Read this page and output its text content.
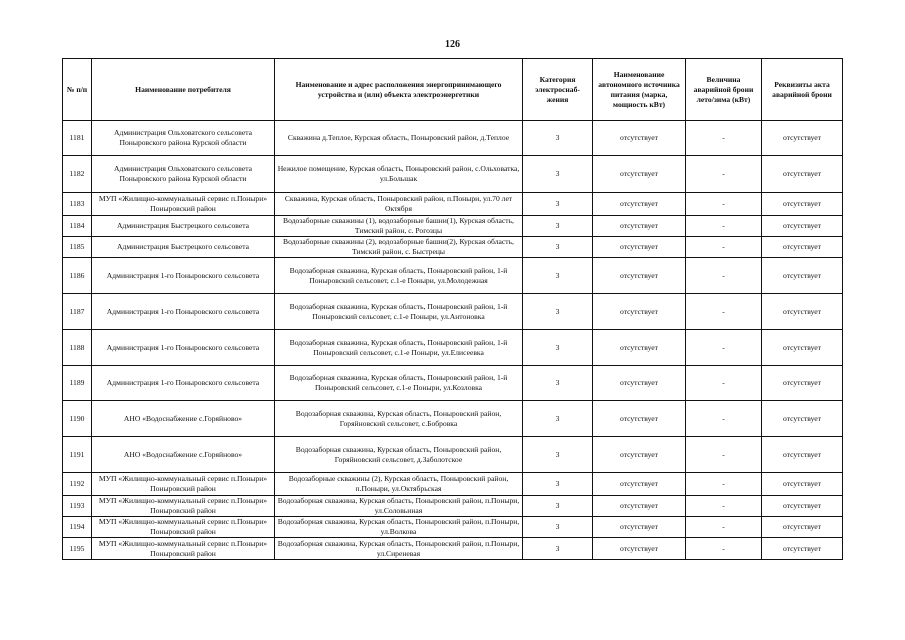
126
№ п/п	Наименование потребителя	Наименование и адрес расположения энергопринимающего устройства и (или) объекта электроэнергетики	Категория электроснаб-жения	Наименование автономного источника питания (марка, мощность кВт)	Величина аварийной брони лето/зима (кВт)	Реквизиты акта аварийной брони
1181	Администрация Ольховатского сельсовета Поныровского района Курской области	Скважина д.Теплое, Курская область, Поныровский район, д.Теплое	3	отсутствует	-	отсутствует
1182	Администрация Ольховатского сельсовета Поныровского района Курской области	Нежилое помещение, Курская область, Поныровский район, с.Ольховатка, ул.Большак	3	отсутствует	-	отсутствует
1183	МУП «Жилищно-коммунальный сервис п.Поныри» Поныровский район	Скважина, Курская область, Поныровский район, п.Поныри, ул.70 лет Октября	3	отсутствует	-	отсутствует
1184	Администрация Быстрецкого сельсовета	Водозаборные скважины (1), водозаборные башни(1), Курская область, Тимский район, с. Рогозцы	3	отсутствует	-	отсутствует
1185	Администрация Быстрецкого сельсовета	Водозаборные скважины (2), водозаборные башни(2), Курская область, Тимский район, с. Быстрецы	3	отсутствует	-	отсутствует
1186	Администрация 1-го Поныровского сельсовета	Водозаборная скважина, Курская область, Поныровский район, 1-й Поныровский сельсовет, с.1-е Поныри, ул.Молодежная	3	отсутствует	-	отсутствует
1187	Администрация 1-го Поныровского сельсовета	Водозаборная скважина, Курская область, Поныровский район, 1-й Поныровский сельсовет, с.1-е Поныри, ул.Антоновка	3	отсутствует	-	отсутствует
1188	Администрация 1-го Поныровского сельсовета	Водозаборная скважина, Курская область, Поныровский район, 1-й Поныровский сельсовет, с.1-е Поныри, ул.Елисеевка	3	отсутствует	-	отсутствует
1189	Администрация 1-го Поныровского сельсовета	Водозаборная скважина, Курская область, Поныровский район, 1-й Поныровский сельсовет, с.1-е Поныри, ул.Козловка	3	отсутствует	-	отсутствует
1190	АНО «Водоснабжение с.Горяйново»	Водозаборная скважина, Курская область, Поныровский район, Горяйновский сельсовет, с.Бобровка	3	отсутствует	-	отсутствует
1191	АНО «Водоснабжение с.Горяйново»	Водозаборная скважина, Курская область, Поныровский район, Горяйновский сельсовет, д.Заболотское	3	отсутствует	-	отсутствует
1192	МУП «Жилищно-коммунальный сервис п.Поныри» Поныровский район	Водозаборные скважины (2), Курская область, Поныровский район, п.Поныри, ул.Октябрьская	3	отсутствует	-	отсутствует
1193	МУП «Жилищно-коммунальный сервис п.Поныри» Поныровский район	Водозаборная скважина, Курская область, Поныровский район, п.Поныри, ул.Соловьиная	3	отсутствует	-	отсутствует
1194	МУП «Жилищно-коммунальный сервис п.Поныри» Поныровский район	Водозаборная скважина, Курская область, Поныровский район, п.Поныри, ул.Волкова	3	отсутствует	-	отсутствует
1195	МУП «Жилищно-коммунальный сервис п.Поныри» Поныровский район	Водозаборная скважина, Курская область, Поныровский район, п.Поныри, ул.Сиреневая	3	отсутствует	-	отсутствует
